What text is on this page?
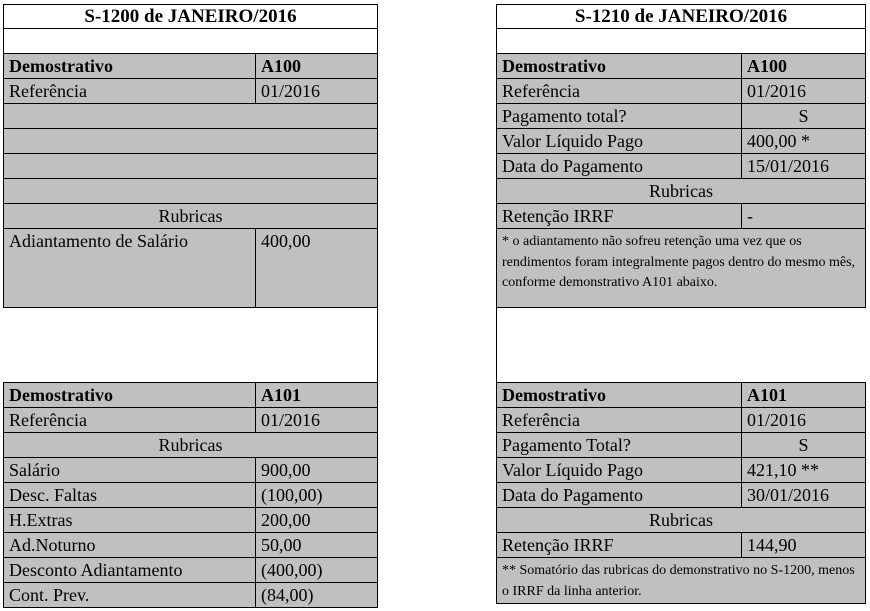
S-1200 de JANEIRO/2016
Demostrativo	A100
Referência	01/2016
Rubricas
Adiantamento de Salário	400,00
Demostrativo	A101
Referência	01/2016
Rubricas
Salário	900,00
Desc. Faltas	(100,00)
H.Extras	200,00
Ad.Noturno	50,00
Desconto Adiantamento	(400,00)
Cont. Prev.	(84,00)
S-1210 de JANEIRO/2016
Demostrativo	A100
Referência	01/2016
Pagamento total?	S
Valor Líquido Pago	400,00 *
Data do Pagamento	15/01/2016
Rubricas
Retenção IRRF	-
* o adiantamento não sofreu retenção uma vez que os rendimentos foram integralmente pagos dentro do mesmo mês, conforme demonstrativo A101 abaixo.
Demostrativo	A101
Referência	01/2016
Pagamento Total?	S
Valor Líquido Pago	421,10 **
Data do Pagamento	30/01/2016
Rubricas
Retenção IRRF	144,90
** Somatório das rubricas do demonstrativo no S-1200, menos o IRRF da linha anterior.
